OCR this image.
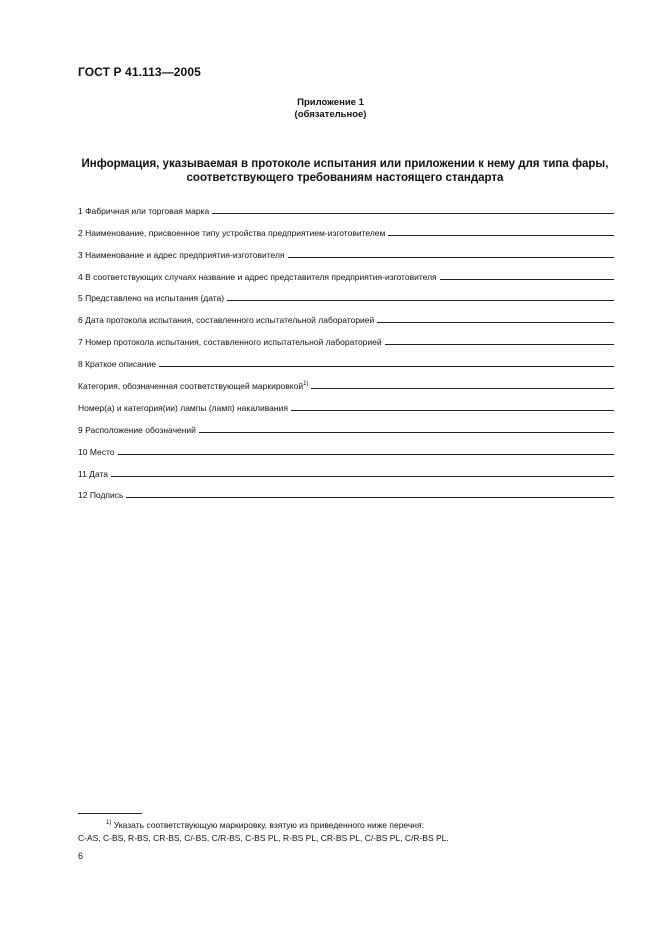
ГОСТ Р 41.113—2005
Приложение 1
(обязательное)
Информация, указываемая в протоколе испытания или приложении к нему для типа фары,
соответствующего требованиям настоящего стандарта
1 Фабричная или торговая марка
2 Наименование, присвоенное типу устройства предприятием-изготовителем
3 Наименование и адрес предприятия-изготовителя
4 В соответствующих случаях название и адрес представителя предприятия-изготовителя
5 Представлено на испытания (дата)
6 Дата протокола испытания, составленного испытательной лабораторией
7 Номер протокола испытания, составленного испытательной лабораторией
8 Краткое описание
Категория, обозначенная соответствующей маркировкой$^{1)}$
Номер(а) и категория(ии) лампы (ламп) накаливания
9 Расположение обозначений
10 Место
11 Дата
12 Подпись
$^{1)}$ Указать соответствующую маркировку, взятую из приведенного ниже перечня:
C-AS, C-BS, R-BS, CR-BS, C/-BS, C/R-BS, C-BS PL, R-BS PL, CR-BS PL, C/-BS PL, C/R-BS PL.
6
